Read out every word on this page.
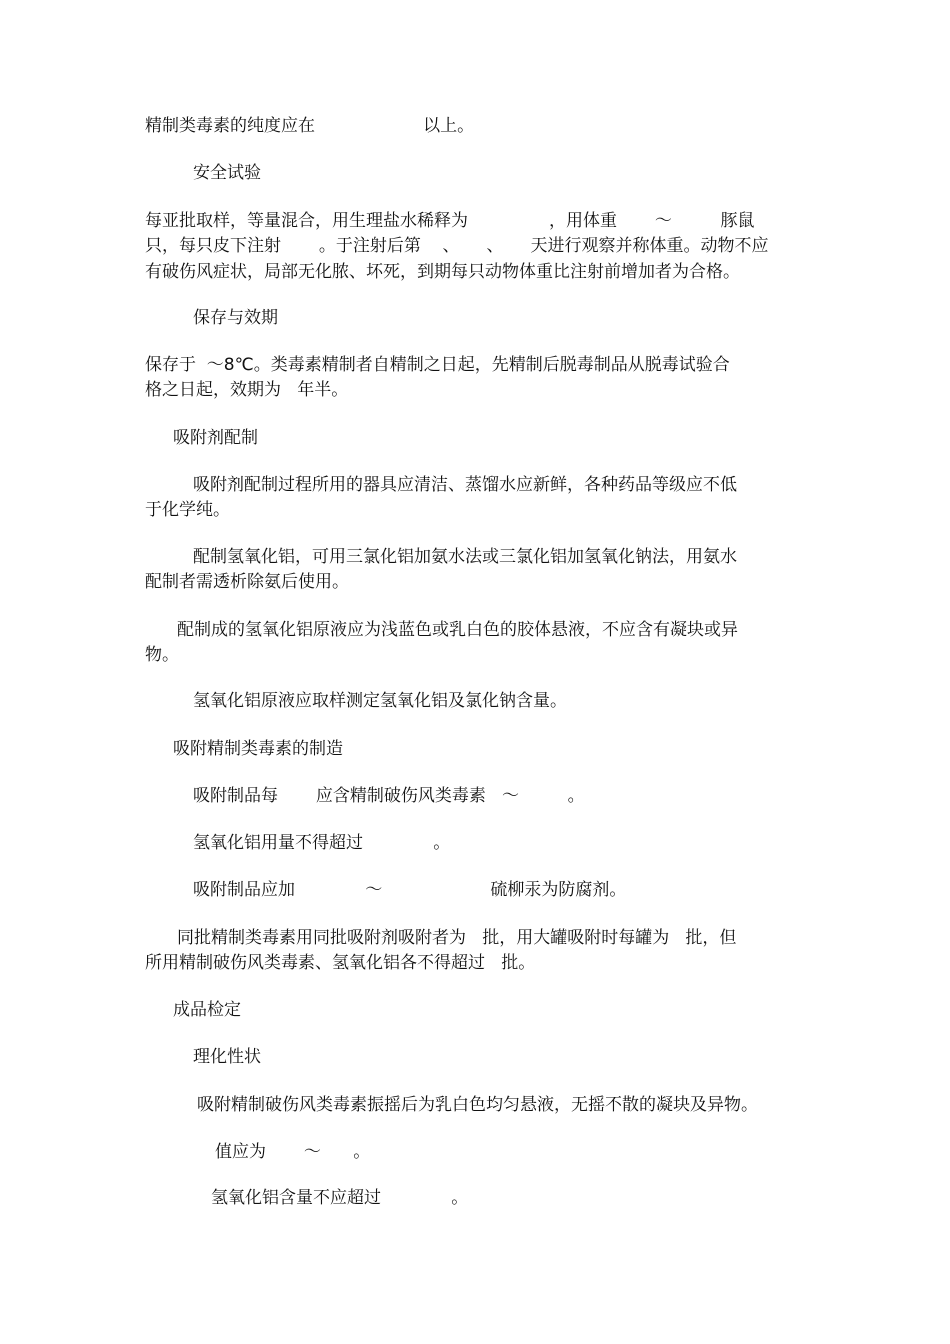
精制类毒素的纯度应在                    以上。
安全试验
每亚批取样，等量混合，用生理盐水稀释为               ，用体重       ～         豚鼠
只，每只皮下注射       。于注射后第    、     、     天进行观察并称体重。动物不应
有破伤风症状，局部无化脓、坏死，到期每只动物体重比注射前增加者为合格。
保存与效期
保存于  ～8℃。类毒素精制者自精制之日起，先精制后脱毒制品从脱毒试验合
格之日起，效期为   年半。
吸附剂配制
吸附剂配制过程所用的器具应清洁、蒸馏水应新鲜，各种药品等级应不低
于化学纯。
配制氢氧化铝，可用三氯化铝加氨水法或三氯化铝加氢氧化钠法，用氨水
配制者需透析除氨后使用。
配制成的氢氧化铝原液应为浅蓝色或乳白色的胶体悬液，不应含有凝块或异
物。
氢氧化铝原液应取样测定氢氧化铝及氯化钠含量。
吸附精制类毒素的制造
吸附制品每       应含精制破伤风类毒素   ～         。
氢氧化铝用量不得超过             。
吸附制品应加             ～                    硫柳汞为防腐剂。
同批精制类毒素用同批吸附剂吸附者为   批，用大罐吸附时每罐为   批，但
所用精制破伤风类毒素、氢氧化铝各不得超过   批。
成品检定
理化性状
吸附精制破伤风类毒素振摇后为乳白色均匀悬液，无摇不散的凝块及异物。
值应为       ～      。
氢氧化铝含量不应超过             。
